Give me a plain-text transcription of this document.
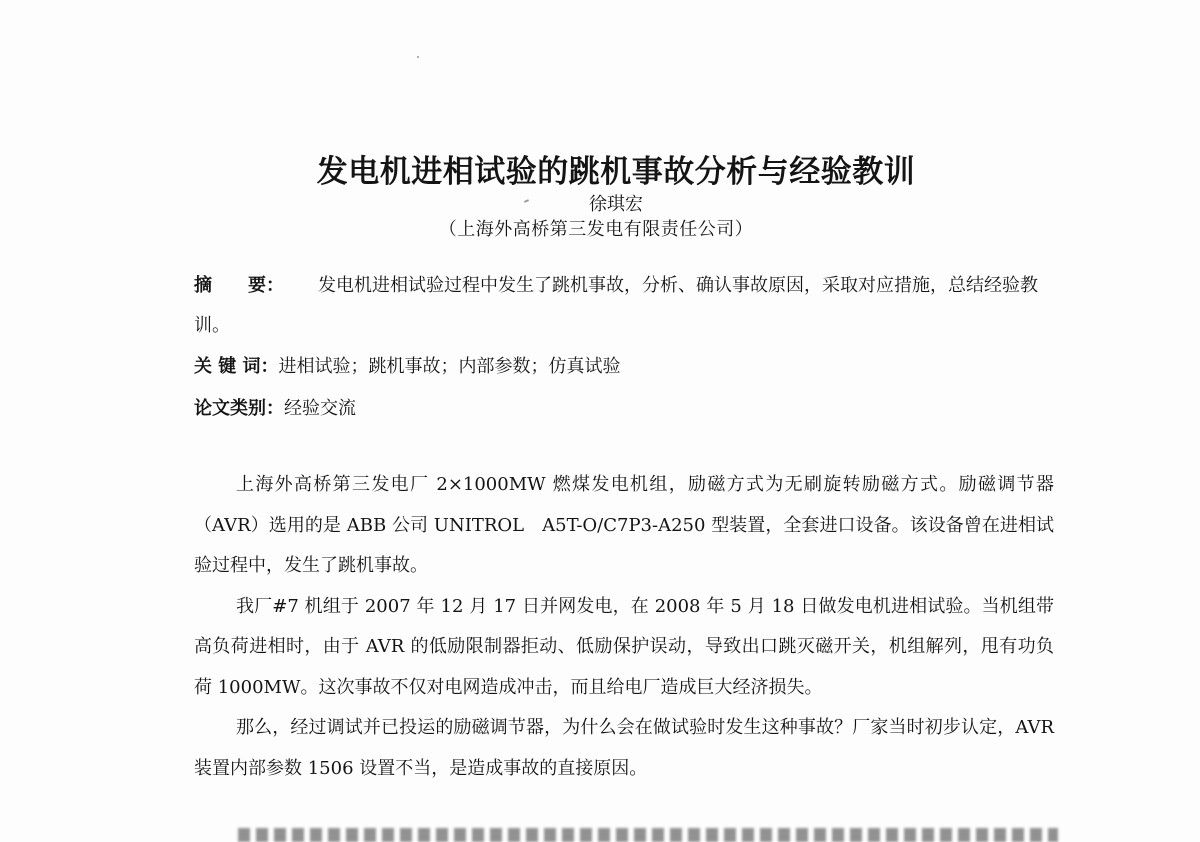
发电机进相试验的跳机事故分析与经验教训
徐琪宏
（上海外高桥第三发电有限责任公司）
摘　　要： 发电机进相试验过程中发生了跳机事故，分析、确认事故原因，采取对应措施，总结经验教训。
关 键 词：进相试验；跳机事故；内部参数；仿真试验
论文类别：经验交流

上海外高桥第三发电厂 2×1000MW 燃煤发电机组，励磁方式为无刷旋转励磁方式。励磁调节器（AVR）选用的是 ABB 公司 UNITROL　A5T-O/C7P3-A250 型装置，全套进口设备。该设备曾在进相试验过程中，发生了跳机事故。

我厂#7 机组于 2007 年 12 月 17 日并网发电，在 2008 年 5 月 18 日做发电机进相试验。当机组带高负荷进相时，由于 AVR 的低励限制器拒动、低励保护误动，导致出口跳灭磁开关，机组解列，甩有功负荷 1000MW。这次事故不仅对电网造成冲击，而且给电厂造成巨大经济损失。

那么，经过调试并已投运的励磁调节器，为什么会在做试验时发生这种事故？厂家当时初步认定，AVR 装置内部参数 1506 设置不当，是造成事故的直接原因。
